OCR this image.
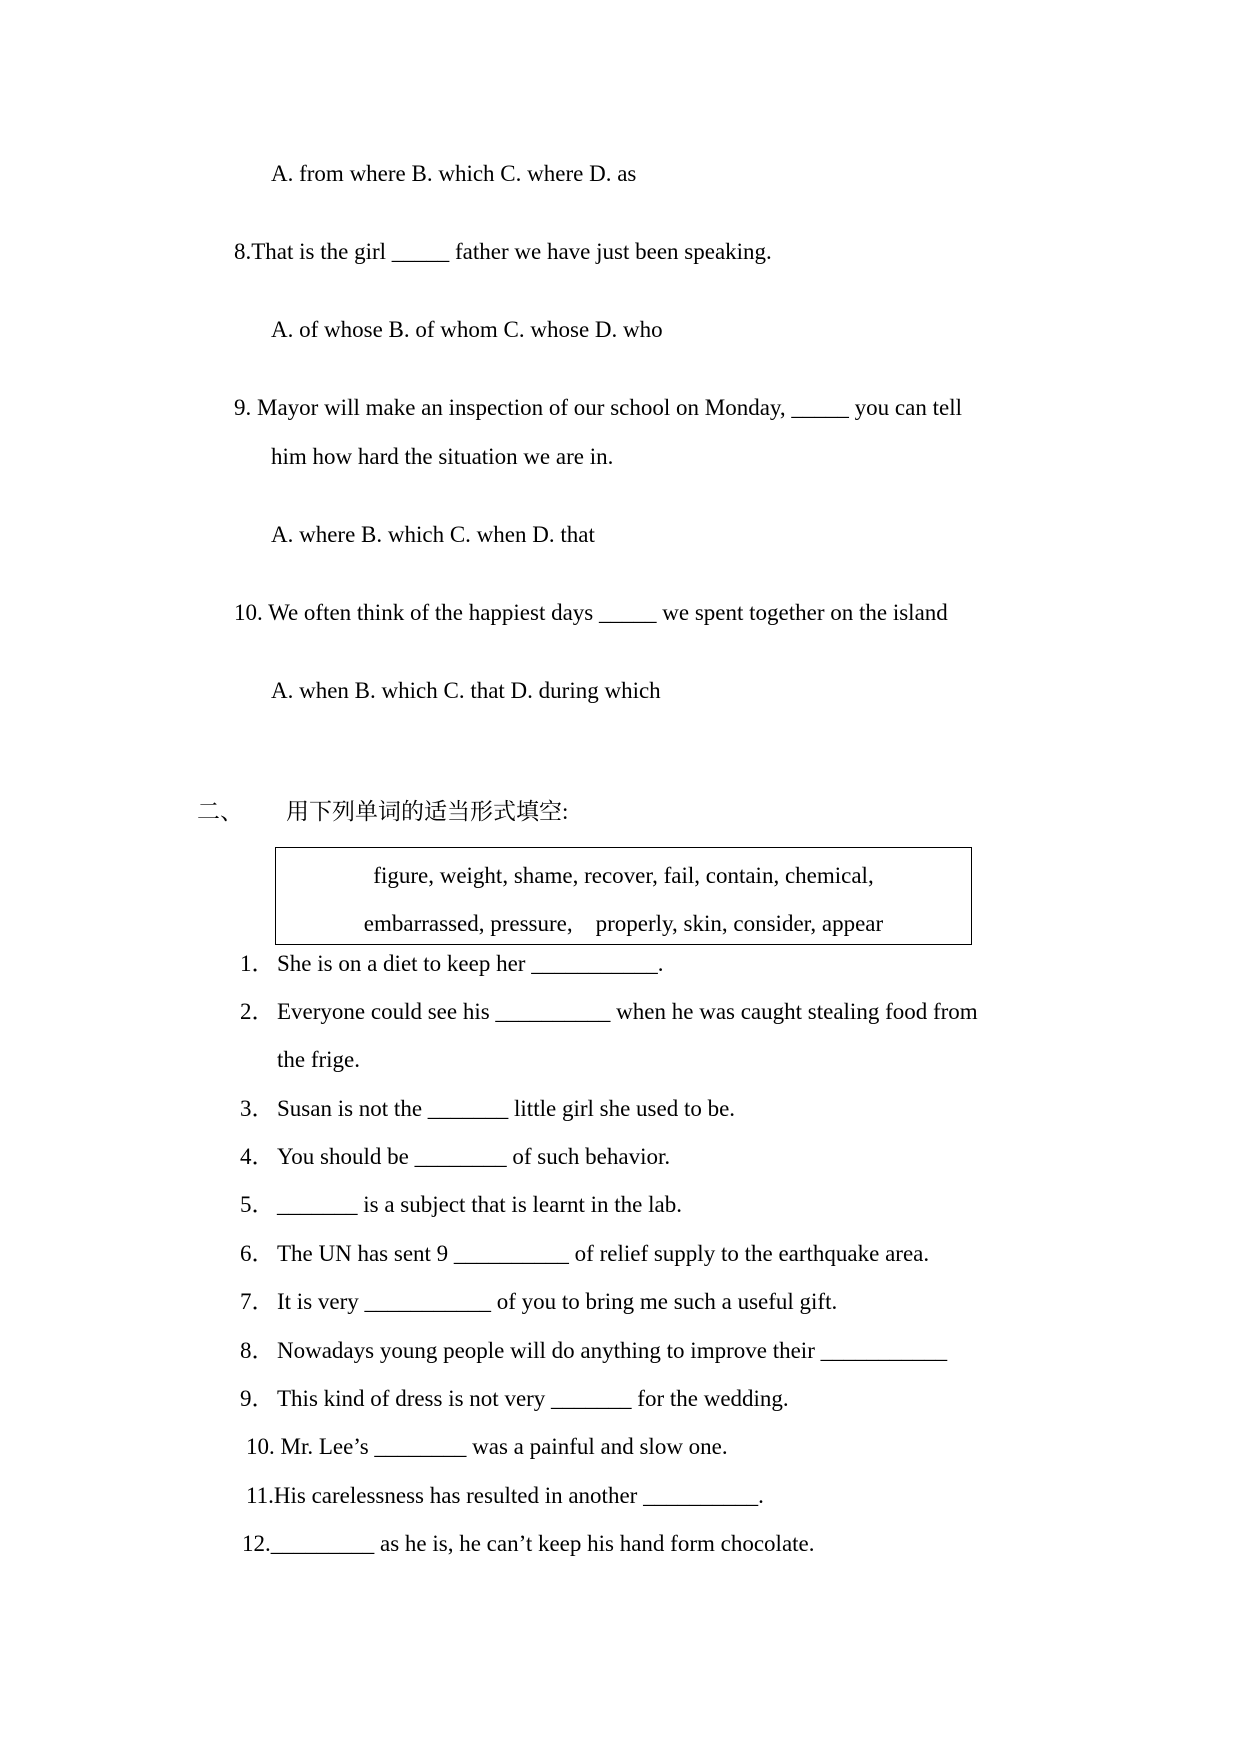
A. from where B. which C. where D. as
8.That is the girl _____ father we have just been speaking.
A. of whose B. of whom C. whose D. who
9. Mayor will make an inspection of our school on Monday, _____ you can tell
him how hard the situation we are in.
A. where B. which C. when D. that
10. We often think of the happiest days _____ we spent together on the island
A. when B. which C. that D. during which
二、 用下列单词的适当形式填空:
figure, weight, shame, recover, fail, contain, chemical,
embarrassed, pressure,    properly, skin, consider, appear
1． She is on a diet to keep her ___________.
2． Everyone could see his __________ when he was caught stealing food from
the frige.
3． Susan is not the _______ little girl she used to be.
4． You should be ________ of such behavior.
5． _______ is a subject that is learnt in the lab.
6． The UN has sent 9 __________ of relief supply to the earthquake area.
7． It is very ___________ of you to bring me such a useful gift.
8． Nowadays young people will do anything to improve their ___________
9． This kind of dress is not very _______ for the wedding.
10. Mr. Lee’s ________ was a painful and slow one.
11.His carelessness has resulted in another __________.
12._________ as he is, he can’t keep his hand form chocolate.
